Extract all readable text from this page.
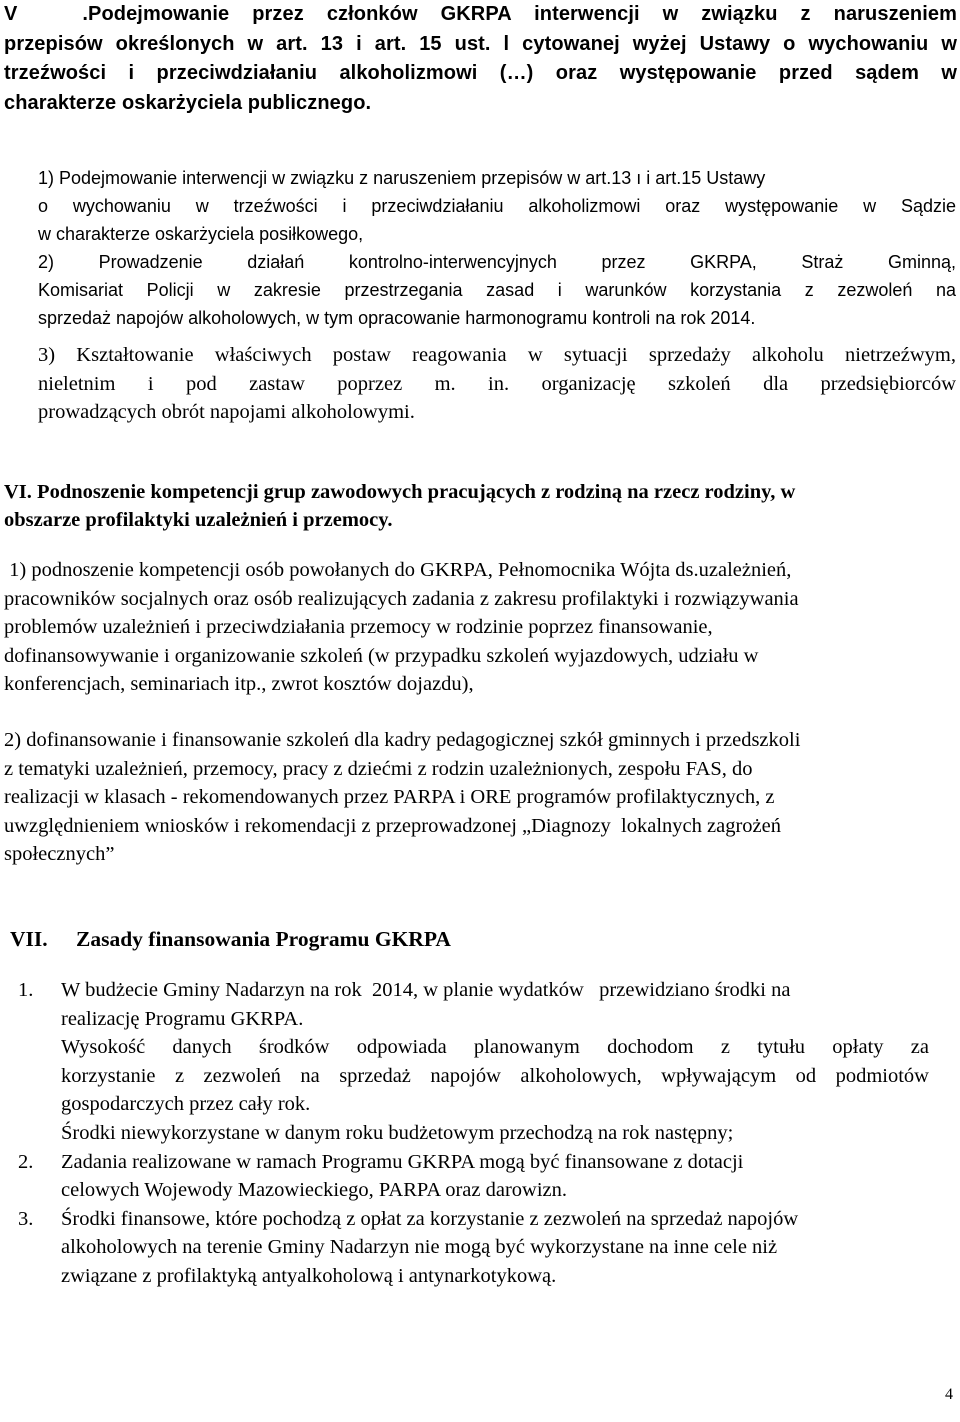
V .Podejmowanie przez członków GKRPA interwencji w związku z naruszeniem
przepisów określonych w art. 13 i art. 15 ust. l cytowanej wyżej Ustawy o wychowaniu w
trzeźwości i przeciwdziałaniu alkoholizmowi (…) oraz występowanie przed sądem w
charakterze oskarżyciela publicznego.
1) Podejmowanie interwencji w związku z naruszeniem przepisów w art.13 ı i art.15 Ustawy
o wychowaniu w trzeźwości i przeciwdziałaniu alkoholizmowi oraz występowanie w Sądzie
w charakterze oskarżyciela posiłkowego,
2) Prowadzenie działań kontrolno-interwencyjnych przez GKRPA, Straż Gminną,
Komisariat Policji w zakresie przestrzegania zasad i warunków korzystania z zezwoleń na
sprzedaż napojów alkoholowych, w tym opracowanie harmonogramu kontroli na rok 2014.
3) Kształtowanie właściwych postaw reagowania w sytuacji sprzedaży alkoholu nietrzeźwym,
nieletnim i pod zastaw poprzez m. in. organizację szkoleń dla przedsiębiorców
prowadzących obrót napojami alkoholowymi.
VI. Podnoszenie kompetencji grup zawodowych pracujących z rodziną na rzecz rodziny, w
obszarze profilaktyki uzależnień i przemocy.
1) podnoszenie kompetencji osób powołanych do GKRPA, Pełnomocnika Wójta ds.uzależnień,
pracowników socjalnych oraz osób realizujących zadania z zakresu profilaktyki i rozwiązywania
problemów uzależnień i przeciwdziałania przemocy w rodzinie poprzez finansowanie,
dofinansowywanie i organizowanie szkoleń (w przypadku szkoleń wyjazdowych, udziału w
konferencjach, seminariach itp., zwrot kosztów dojazdu),
2) dofinansowanie i finansowanie szkoleń dla kadry pedagogicznej szkół gminnych i przedszkoli
z tematyki uzależnień, przemocy, pracy z dziećmi z rodzin uzależnionych, zespołu FAS, do
realizacji w klasach - rekomendowanych przez PARPA i ORE programów profilaktycznych, z
uwzględnieniem wniosków i rekomendacji z przeprowadzonej „Diagnozy  lokalnych zagrożeń
społecznych”
VII. Zasady finansowania Programu GKRPA
1. W budżecie Gminy Nadarzyn na rok  2014, w planie wydatków   przewidziano środki na
realizację Programu GKRPA.
Wysokość danych środków odpowiada planowanym dochodom z tytułu opłaty za
korzystanie z zezwoleń na sprzedaż napojów alkoholowych, wpływającym od podmiotów
gospodarczych przez cały rok.
Środki niewykorzystane w danym roku budżetowym przechodzą na rok następny;
2. Zadania realizowane w ramach Programu GKRPA mogą być finansowane z dotacji
celowych Wojewody Mazowieckiego, PARPA oraz darowizn.
3. Środki finansowe, które pochodzą z opłat za korzystanie z zezwoleń na sprzedaż napojów
alkoholowych na terenie Gminy Nadarzyn nie mogą być wykorzystane na inne cele niż
związane z profilaktyką antyalkoholową i antynarkotykową.
4
